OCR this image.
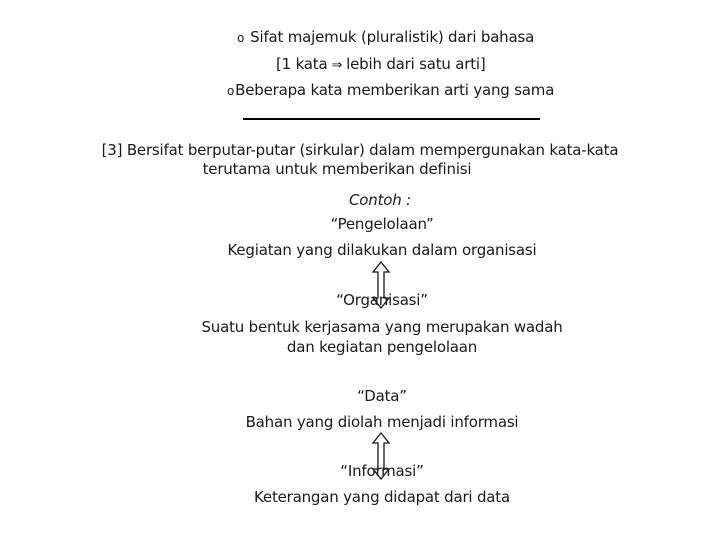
o Sifat majemuk (pluralistik) dari bahasa
[1 kata ⇒ lebih dari satu arti]
oBeberapa kata memberikan arti yang sama
[3] Bersifat berputar-putar (sirkular) dalam mempergunakan kata-kata
terutama untuk memberikan definisi
Contoh :
“Pengelolaan”
Kegiatan yang dilakukan dalam organisasi
“Organisasi”
Suatu bentuk kerjasama yang merupakan wadah
dan kegiatan pengelolaan
“Data”
Bahan yang diolah menjadi informasi
“Informasi”
Keterangan yang didapat dari data
